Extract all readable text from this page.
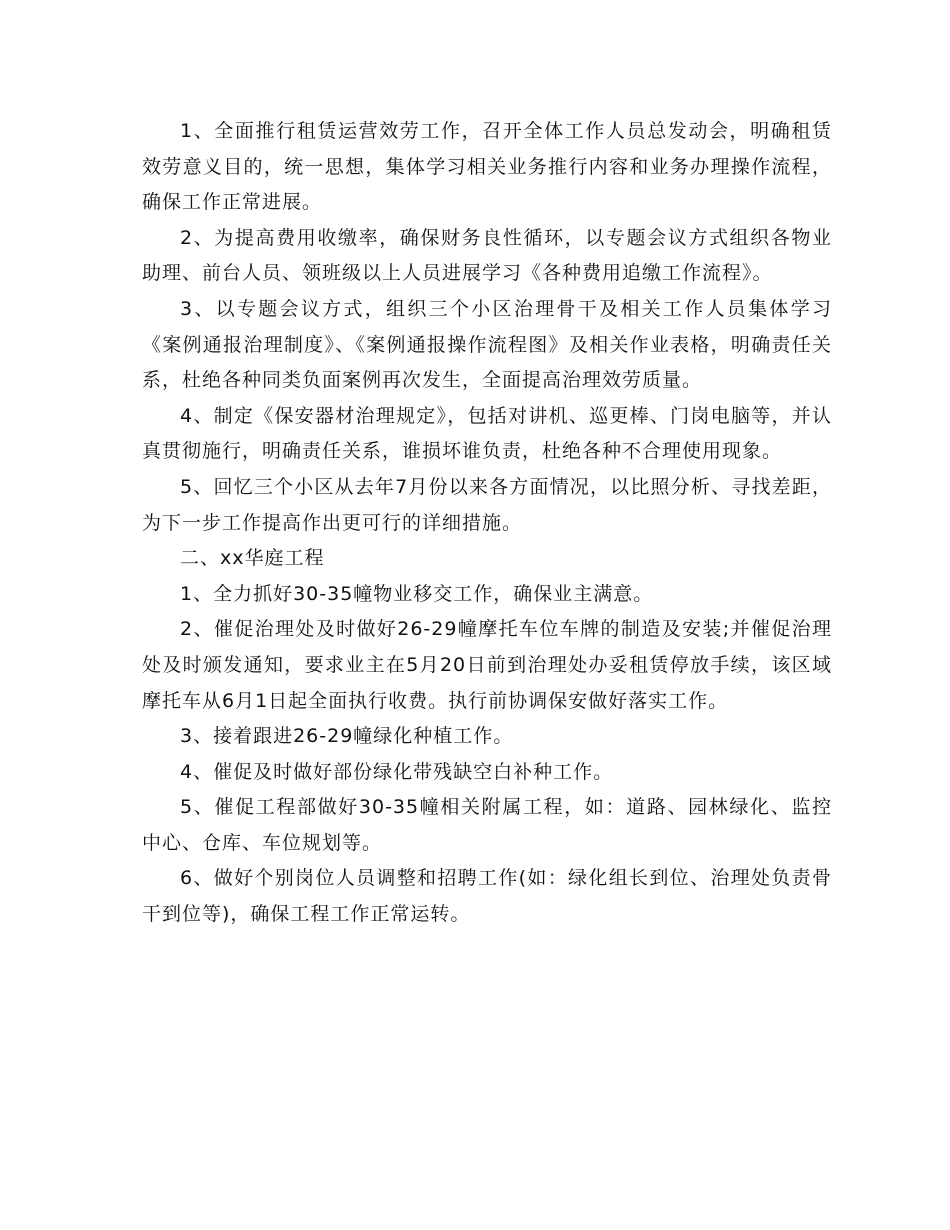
1、全面推行租赁运营效劳工作，召开全体工作人员总发动会，明确租赁效劳意义目的，统一思想，集体学习相关业务推行内容和业务办理操作流程，确保工作正常进展。

2、为提高费用收缴率，确保财务良性循环，以专题会议方式组织各物业助理、前台人员、领班级以上人员进展学习《各种费用追缴工作流程》。

3、以专题会议方式，组织三个小区治理骨干及相关工作人员集体学习《案例通报治理制度》、《案例通报操作流程图》及相关作业表格，明确责任关系，杜绝各种同类负面案例再次发生，全面提高治理效劳质量。

4、制定《保安器材治理规定》，包括对讲机、巡更棒、门岗电脑等，并认真贯彻施行，明确责任关系，谁损坏谁负责，杜绝各种不合理使用现象。

5、回忆三个小区从去年7月份以来各方面情况，以比照分析、寻找差距，为下一步工作提高作出更可行的详细措施。

二、xx华庭工程

1、全力抓好30-35幢物业移交工作，确保业主满意。

2、催促治理处及时做好26-29幢摩托车位车牌的制造及安装;并催促治理处及时颁发通知，要求业主在5月20日前到治理处办妥租赁停放手续，该区域摩托车从6月1日起全面执行收费。执行前协调保安做好落实工作。

3、接着跟进26-29幢绿化种植工作。

4、催促及时做好部份绿化带残缺空白补种工作。

5、催促工程部做好30-35幢相关附属工程，如：道路、园林绿化、监控中心、仓库、车位规划等。

6、做好个别岗位人员调整和招聘工作(如：绿化组长到位、治理处负责骨干到位等)，确保工程工作正常运转。
